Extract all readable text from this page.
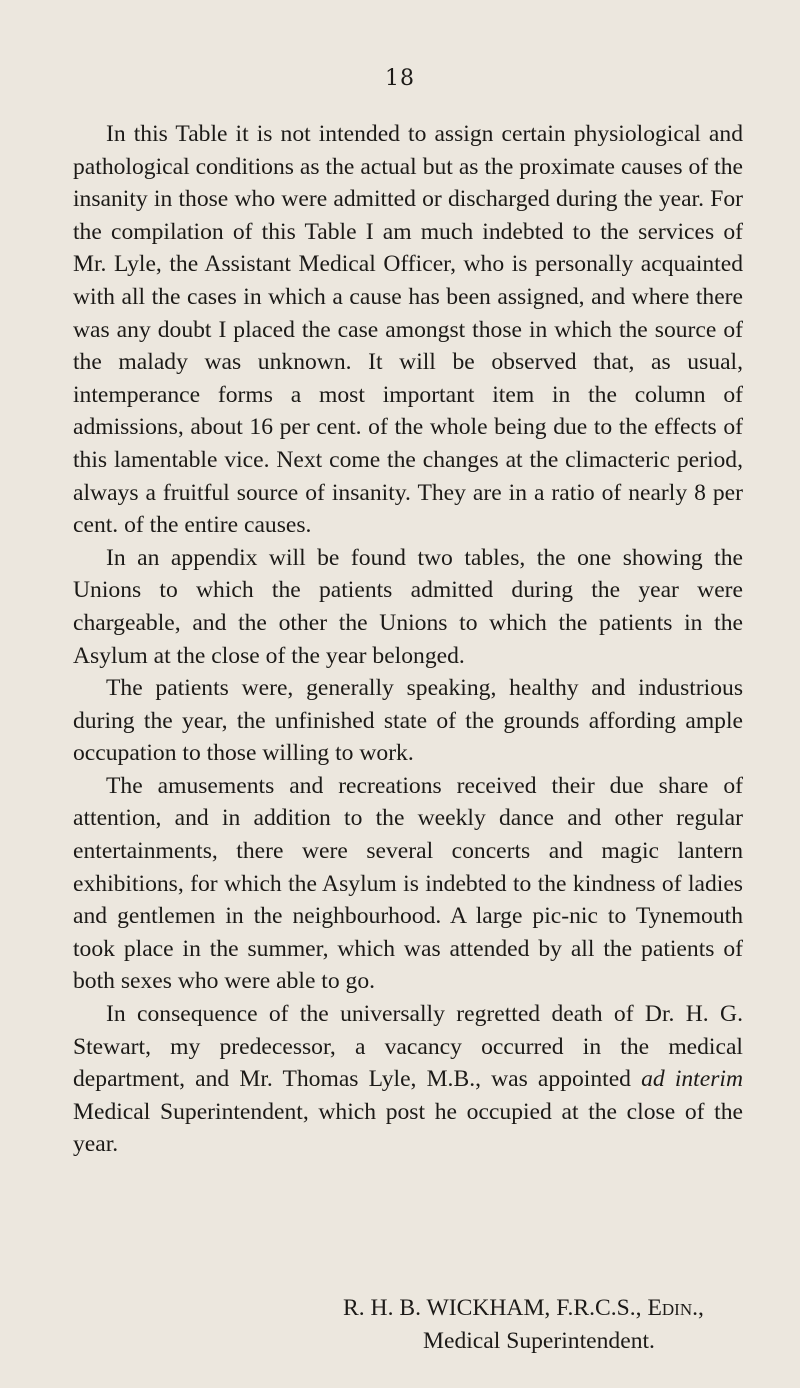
18

In this Table it is not intended to assign certain physiological and pathological conditions as the actual but as the proximate causes of the insanity in those who were admitted or discharged during the year. For the compilation of this Table I am much indebted to the services of Mr. Lyle, the Assistant Medical Officer, who is personally acquainted with all the cases in which a cause has been assigned, and where there was any doubt I placed the case amongst those in which the source of the malady was unknown. It will be observed that, as usual, intemperance forms a most important item in the column of admissions, about 16 per cent. of the whole being due to the effects of this lamentable vice. Next come the changes at the climacteric period, always a fruitful source of insanity. They are in a ratio of nearly 8 per cent. of the entire causes.

In an appendix will be found two tables, the one showing the Unions to which the patients admitted during the year were chargeable, and the other the Unions to which the patients in the Asylum at the close of the year belonged.

The patients were, generally speaking, healthy and industrious during the year, the unfinished state of the grounds affording ample occupation to those willing to work.

The amusements and recreations received their due share of attention, and in addition to the weekly dance and other regular entertainments, there were several concerts and magic lantern exhibitions, for which the Asylum is indebted to the kindness of ladies and gentlemen in the neighbourhood. A large pic-nic to Tynemouth took place in the summer, which was attended by all the patients of both sexes who were able to go.

In consequence of the universally regretted death of Dr. H. G. Stewart, my predecessor, a vacancy occurred in the medical department, and Mr. Thomas Lyle, M.B., was appointed ad interim Medical Superintendent, which post he occupied at the close of the year.

R. H. B. WICKHAM, F.R.C.S., Edin.,
Medical Superintendent.
